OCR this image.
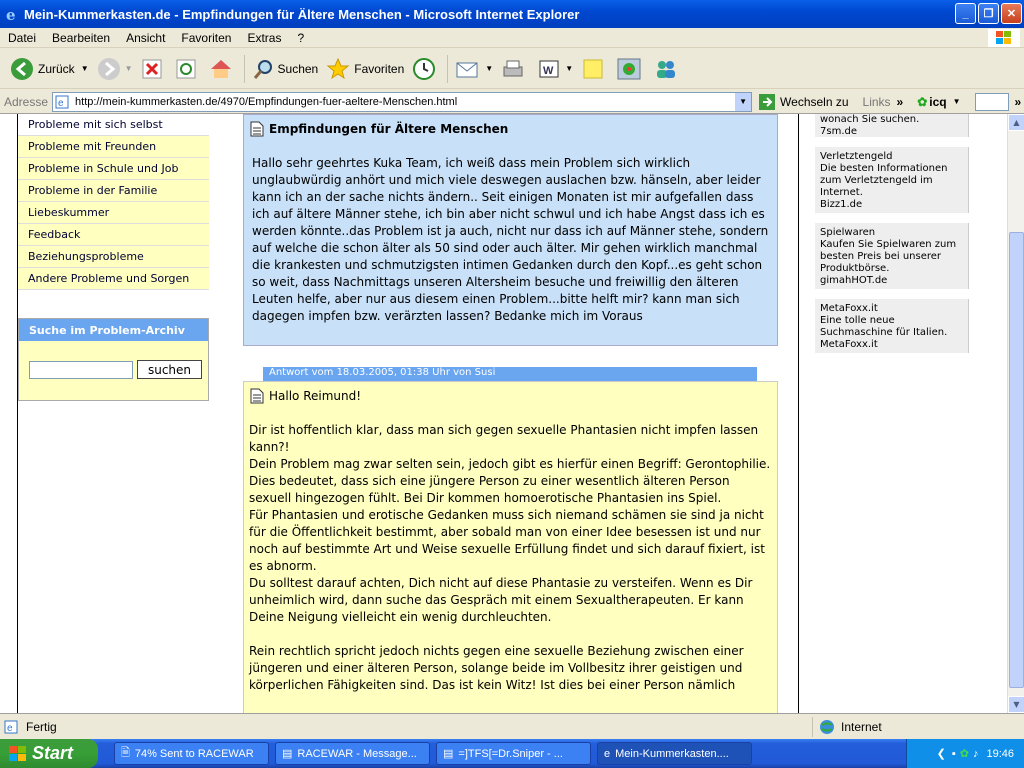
e Mein-Kummerkasten.de - Empfindungen für Ältere Menschen - Microsoft Internet Explorer	_	❐	✕
Datei	Bearbeiten	Ansicht	Favoriten	Extras	?
Zurück ▼	▼	Suchen	Favoriten	▼	W ▼
Adresse e http://mein-kummerkasten.de/4970/Empfindungen-fuer-aeltere-Menschen.html	▼	Wechseln zu Links » ✿ icq ▼	»
Probleme mit sich selbst
Probleme mit Freunden
Probleme in Schule und Job
Probleme in der Familie
Liebeskummer
Feedback
Beziehungsprobleme
Andere Probleme und Sorgen
Suche im Problem-Archiv
suchen
Empfindungen für Ältere Menschen
Hallo sehr geehrtes Kuka Team, ich weiß dass mein Problem sich wirklich unglaubwürdig anhört und mich viele deswegen auslachen bzw. hänseln, aber leider kann ich an der sache nichts ändern.. Seit einigen Monaten ist mir aufgefallen dass ich auf ältere Männer stehe, ich bin aber nicht schwul und ich habe Angst dass ich es werden könnte..das Problem ist ja auch, nicht nur dass ich auf Männer stehe, sondern auf welche die schon älter als 50 sind oder auch älter. Mir gehen wirklich manchmal die krankesten und schmutzigsten intimen Gedanken durch den Kopf...es geht schon so weit, dass Nachmittags unseren Altersheim besuche und freiwillig den älteren Leuten helfe, aber nur aus diesem einen Problem...bitte helft mir? kann man sich dagegen impfen bzw. verärzten lassen? Bedanke mich im Voraus
Antwort vom 18.03.2005, 01:38 Uhr von Susi
Hallo Reimund!
Dir ist hoffentlich klar, dass man sich gegen sexuelle Phantasien nicht impfen lassen kann?!
Dein Problem mag zwar selten sein, jedoch gibt es hierfür einen Begriff: Gerontophilie. Dies bedeutet, dass sich eine jüngere Person zu einer wesentlich älteren Person sexuell hingezogen fühlt. Bei Dir kommen homoerotische Phantasien ins Spiel.
Für Phantasien und erotische Gedanken muss sich niemand schämen sie sind ja nicht für die Öffentlichkeit bestimmt, aber sobald man von einer Idee besessen ist und nur noch auf bestimmte Art und Weise sexuelle Erfüllung findet und sich darauf fixiert, ist es abnorm.
Du solltest darauf achten, Dich nicht auf diese Phantasie zu versteifen. Wenn es Dir unheimlich wird, dann suche das Gespräch mit einem Sexualtherapeuten. Er kann Deine Neigung vielleicht ein wenig durchleuchten.

Rein rechtlich spricht jedoch nichts gegen eine sexuelle Beziehung zwischen einer jüngeren und einer älteren Person, solange beide im Vollbesitz ihrer geistigen und körperlichen Fähigkeiten sind. Das ist kein Witz! Ist dies bei einer Person nämlich
wonach Sie suchen.
7sm.de
Verletztengeld
Die besten Informationen zum Verletztengeld im Internet.
Bizz1.de
Spielwaren
Kaufen Sie Spielwaren zum besten Preis bei unserer Produktbörse.
gimahHOT.de
MetaFoxx.it
Eine tolle neue Suchmaschine für Italien.
MetaFoxx.it
▲
▼
e Fertig	Internet
Start	🗎 74% Sent to RACEWAR	▤ RACEWAR - Message... ▤ =]TFS[=Dr.Sniper - ...	e Mein-Kummerkasten....	❮ ▪ ✿ ♪ 19:46
